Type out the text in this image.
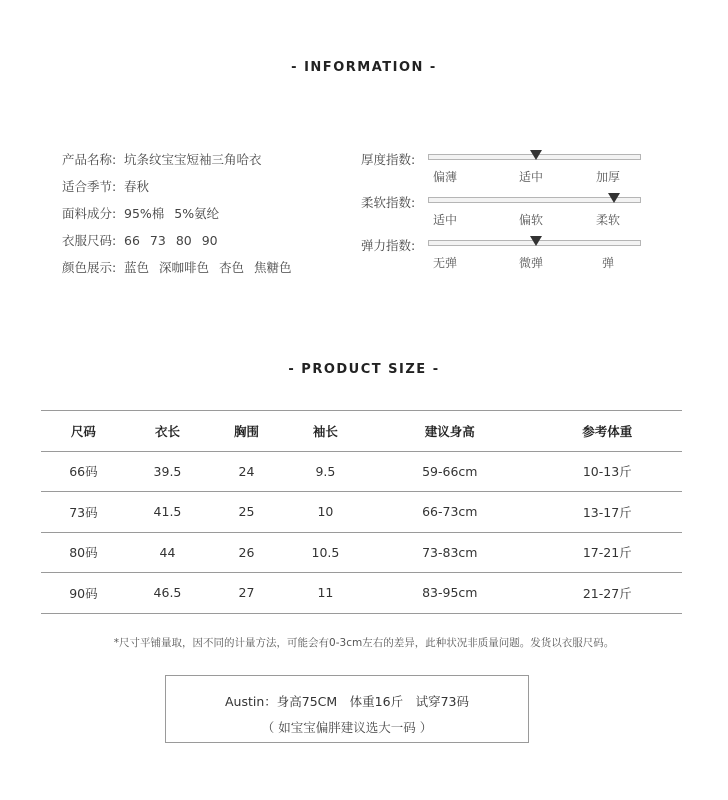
- INFORMATION -
产品名称: 坑条纹宝宝短袖三角哈衣
适合季节: 春秋
面料成分: 95%棉 5%氨纶
衣服尺码: 66 73 80 90
颜色展示: 蓝色 深咖啡色 杏色 焦糖色
厚度指数:
偏薄	适中	加厚
柔软指数:
适中	偏软	柔软
弹力指数:
无弹	微弹	弹
- PRODUCT SIZE -
尺码	衣长	胸围	袖长	建议身高	参考体重
66码	39.5	24	9.5	59-66cm	10-13斤
73码	41.5	25	10	66-73cm	13-17斤
80码	44	26	10.5	73-83cm	17-21斤
90码	46.5	27	11	83-95cm	21-27斤
*尺寸平铺量取，因不同的计量方法，可能会有0-3cm左右的差异，此种状况非质量问题。发货以衣服尺码。
Austin：身高75CM　体重16斤　试穿73码
（ 如宝宝偏胖建议选大一码 ）
